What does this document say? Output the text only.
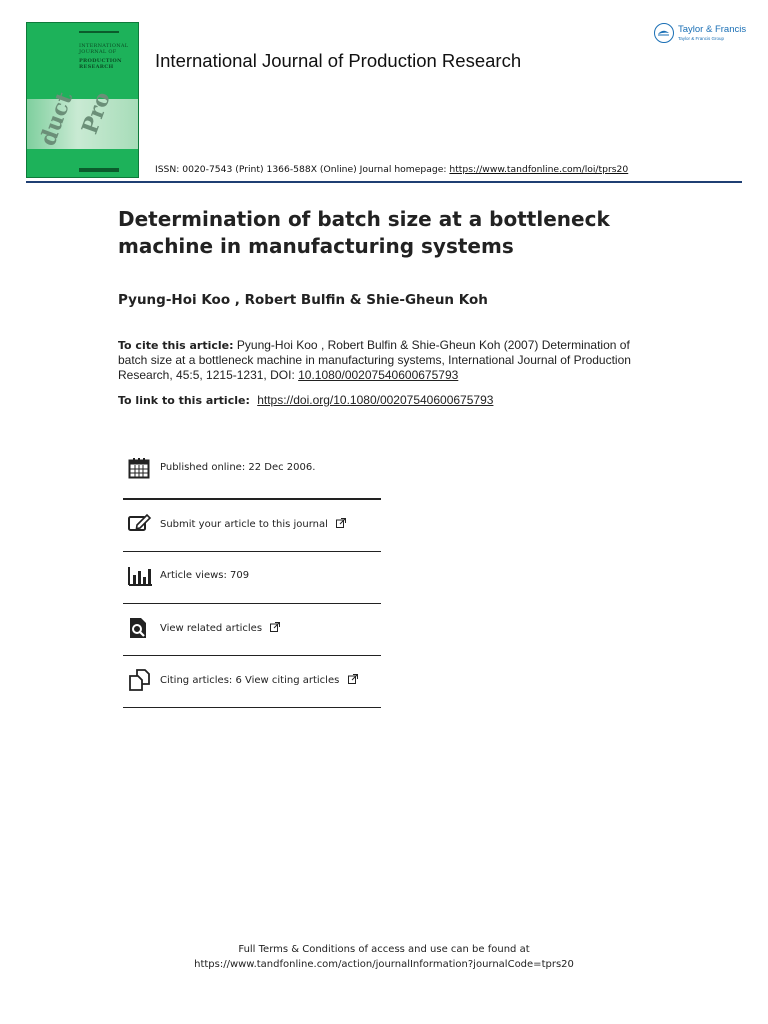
INTERNATIONAL
JOURNAL OF
PRODUCTION
RESEARCH
duct
Pro
International Journal of Production Research
ISSN: 0020-7543 (Print) 1366-588X (Online) Journal homepage: https://www.tandfonline.com/loi/tprs20
Taylor & Francis
Taylor & Francis Group
Determination of batch size at a bottleneck machine in manufacturing systems
Pyung-Hoi Koo , Robert Bulfin & Shie-Gheun Koh
To cite this article: Pyung-Hoi Koo , Robert Bulfin & Shie-Gheun Koh (2007) Determination of batch size at a bottleneck machine in manufacturing systems, International Journal of Production Research, 45:5, 1215-1231, DOI: 10.1080/00207540600675793
To link to this article: https://doi.org/10.1080/00207540600675793
Published online: 22 Dec 2006.
Submit your article to this journal
Article views: 709
View related articles
Citing articles: 6 View citing articles
Full Terms & Conditions of access and use can be found at
https://www.tandfonline.com/action/journalInformation?journalCode=tprs20
